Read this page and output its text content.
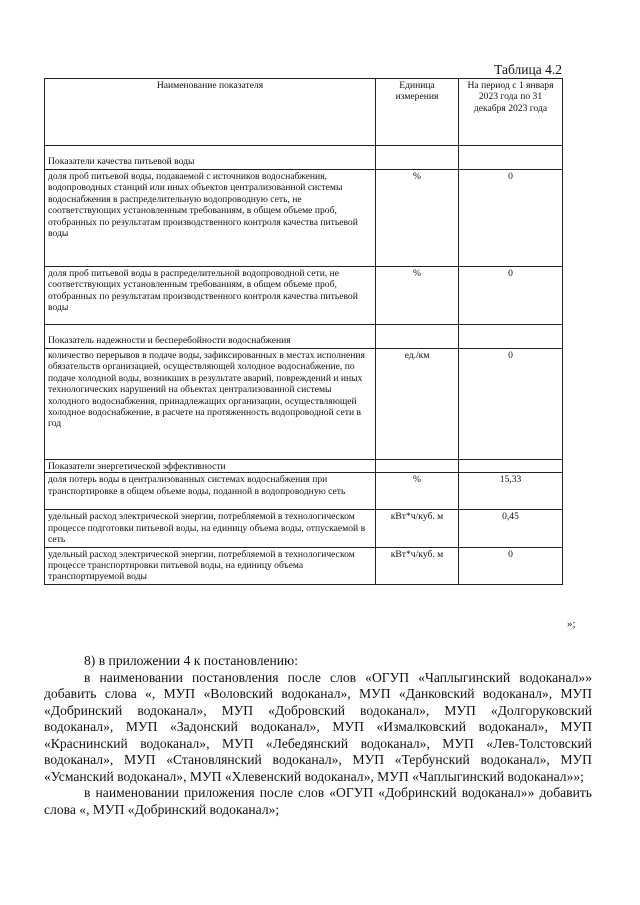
Таблица 4.2
Наименование показателя	Единица измерения	На период с 1 января 2023 года по 31 декабря 2023 года
Показатели качества питьевой воды		
доля проб питьевой воды, подаваемой с источников водоснабжения, водопроводных станций или иных объектов централизованной системы водоснабжения в распределительную водопроводную сеть, не соответствующих установленным требованиям, в общем объеме проб, отобранных по результатам производственного контроля качества питьевой воды	%	0
доля проб питьевой воды в распределительной водопроводной сети, не соответствующих установленным требованиям, в общем объеме проб, отобранных по результатам производственного контроля качества питьевой воды	%	0
Показатель надежности и бесперебойности водоснабжения		
количество перерывов в подаче воды, зафиксированных в местах исполнения обязательств организацией, осуществляющей холодное водоснабжение, по подаче холодной воды, возникших в результате аварий, повреждений и иных технологических нарушений на объектах централизованной системы холодного водоснабжения, принадлежащих организации, осуществляющей холодное водоснабжение, в расчете на протяженность водопроводной сети в год	ед./км	0
Показатели энергетической эффективности		
доля потерь воды в централизованных системах водоснабжения при транспортировке в общем объеме воды, поданной в водопроводную сеть	%	15,33
удельный расход электрической энергии, потребляемой в технологическом процессе подготовки питьевой воды, на единицу объема воды, отпускаемой в сеть	кВт*ч/куб. м	0,45
удельный расход электрической энергии, потребляемой в технологическом процессе транспортировки питьевой воды, на единицу объема транспортируемой воды	кВт*ч/куб. м	0
»;

8) в приложении 4 к постановлению:

в наименовании постановления после слов «ОГУП «Чаплыгинский водоканал»» добавить слова «, МУП «Воловский водоканал», МУП «Данковский водоканал», МУП «Добринский водоканал», МУП «Добровский водоканал», МУП «Долгоруковский водоканал», МУП «Задонский водоканал», МУП «Измалковский водоканал», МУП «Краснинский водоканал», МУП «Лебедянский водоканал», МУП «Лев-Толстовский водоканал», МУП «Становлянский водоканал», МУП «Тербунский водоканал», МУП «Усманский водоканал», МУП «Хлевенский водоканал», МУП «Чаплыгинский водоканал»»;

в наименовании приложения после слов «ОГУП «Добринский водоканал»» добавить слова «, МУП «Добринский водоканал»;
